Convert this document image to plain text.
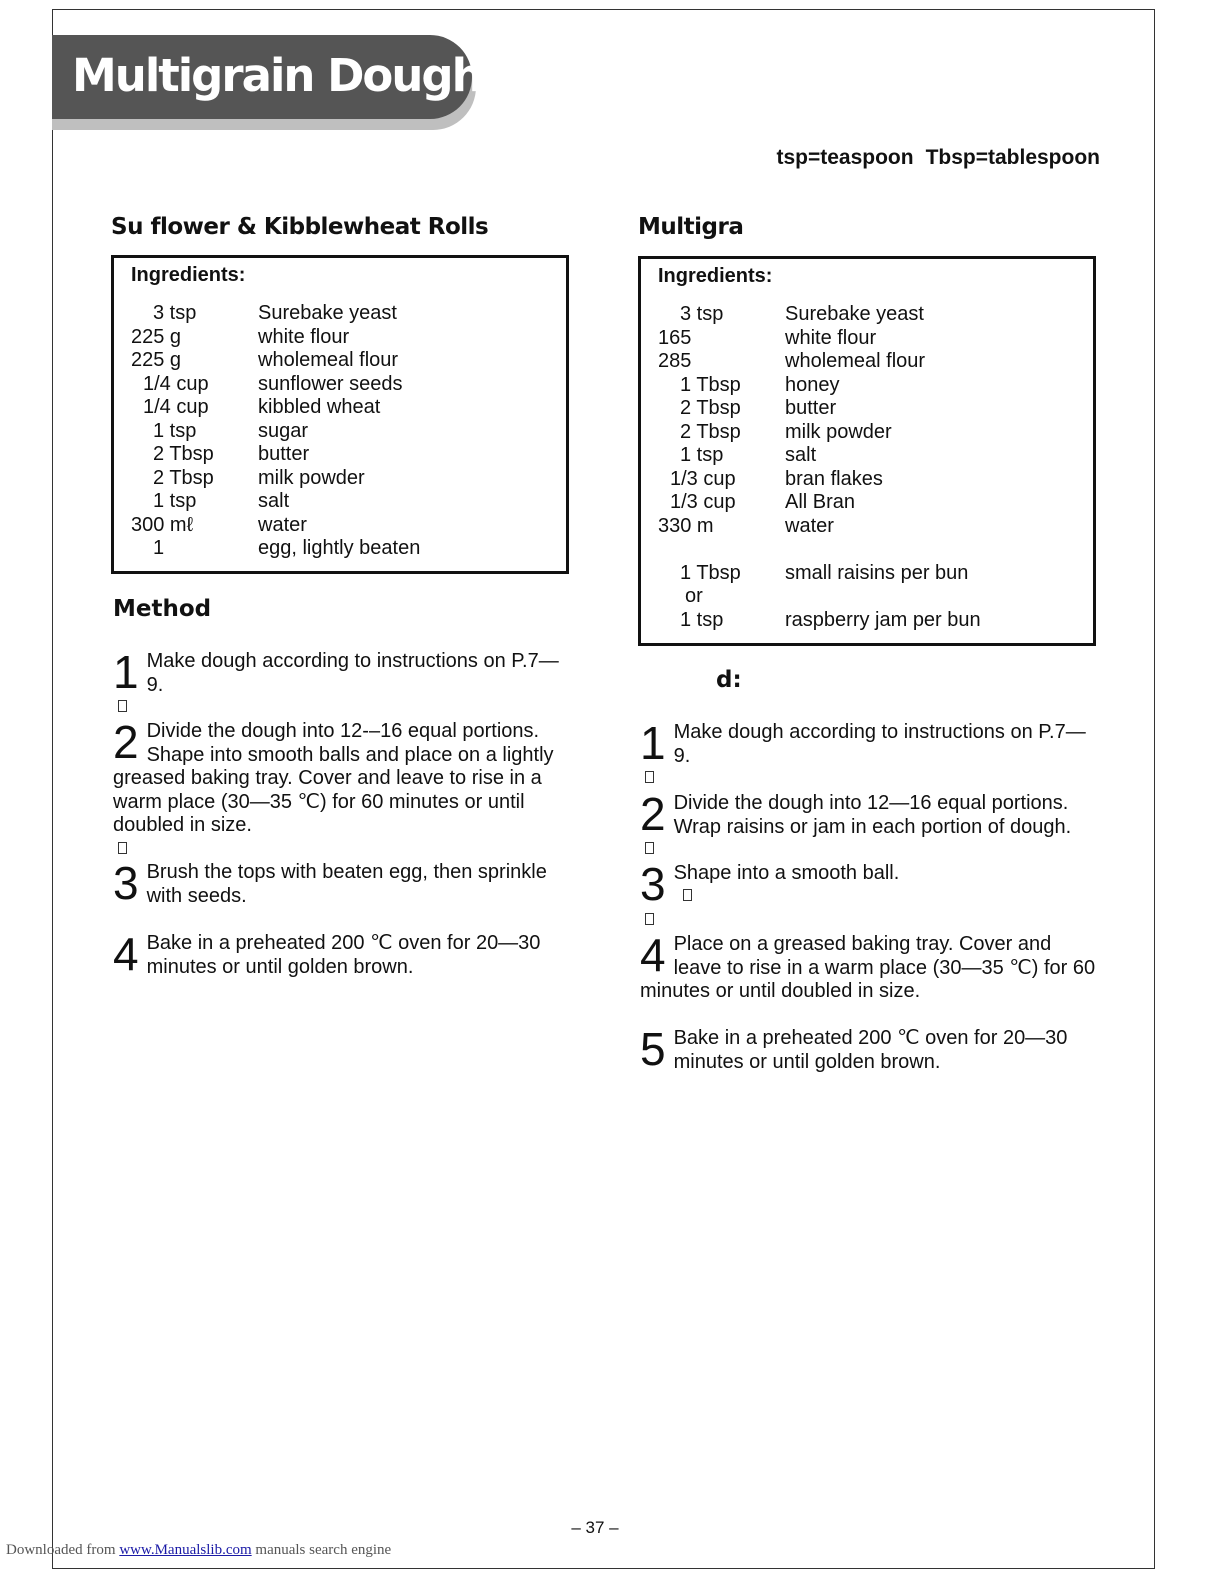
Multigrain Dough
tsp=teaspoon Tbsp=tablespoon
Su flower & Kibblewheat Rolls
Ingredients:
3 tsp	Surebake yeast
225 g	white flour
225 g	wholemeal flour
1/4 cup sunflower seeds
1/4 cup kibbled wheat
1 tsp	sugar
2 Tbsp butter
2 Tbsp milk powder
1 tsp	salt
300 mℓ	water
1	egg, lightly beaten
Method
1 Make dough according to instructions on P.7—9.
2 Divide the dough into 12-–16 equal portions. Shape into smooth balls and place on a lightly greased baking tray. Cover and leave to rise in a warm place (30—35 ℃) for 60 minutes or until doubled in size.
3 Brush the tops with beaten egg, then sprinkle with seeds.
4 Bake in a preheated 200 ℃ oven for 20—30 minutes or until golden brown.
Multigra
Ingredients:
3 tsp	Surebake yeast
165	white flour
285	wholemeal flour
1 Tbsp honey
2 Tbsp butter
2 Tbsp milk powder
1 tsp	salt
1/3 cup bran flakes
1/3 cup All Bran
330 m	water
1 Tbsp small raisins per bun
or
1 tsp	raspberry jam per bun
d:
1 Make dough according to instructions on P.7—9.
2 Divide the dough into 12—16 equal portions. Wrap raisins or jam in each portion of dough.
3 Shape into a smooth ball.
4 Place on a greased baking tray. Cover and leave to rise in a warm place (30—35 ℃) for 60 minutes or until doubled in size.
5 Bake in a preheated 200 ℃ oven for 20—30 minutes or until golden brown.
– 37 –
Downloaded from www.Manualslib.com manuals search engine
